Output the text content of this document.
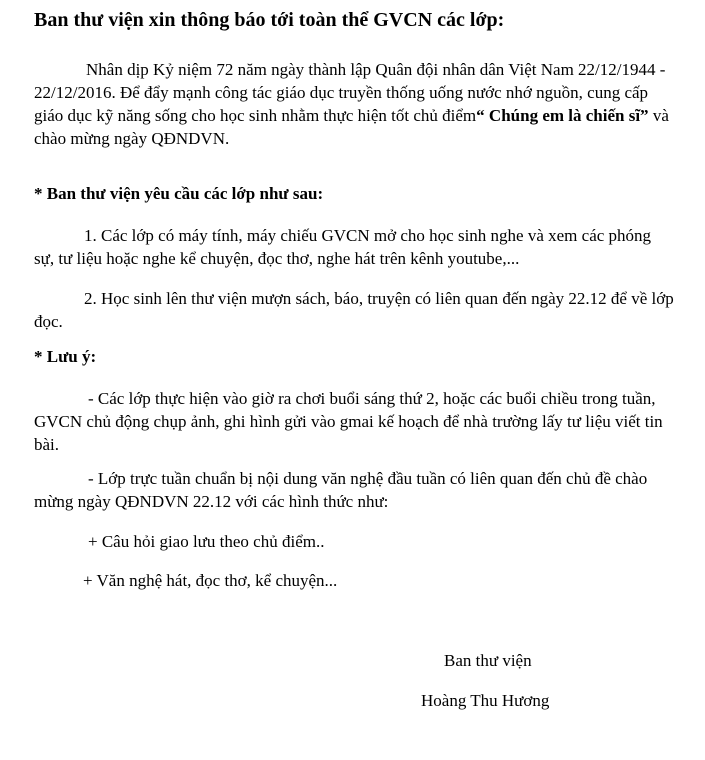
Ban thư viện xin thông báo tới toàn thể GVCN các lớp:
Nhân dịp Kỷ niệm 72 năm ngày thành lập Quân đội nhân dân Việt Nam 22/12/1944 - 22/12/2016. Để đẩy mạnh công tác giáo dục truyền thống uống nước nhớ nguồn, cung cấp giáo dục kỹ năng sống cho học sinh nhằm thực hiện tốt chủ điểm“ Chúng em là chiến sĩ” và chào mừng ngày QĐNDVN.
* Ban thư viện yêu cầu các lớp như sau:
1. Các lớp có máy tính, máy chiếu GVCN mở cho học sinh nghe và xem các phóng sự, tư liệu hoặc nghe kể chuyện, đọc thơ, nghe hát trên kênh youtube,...
2. Học sinh lên thư viện mượn sách, báo, truyện có liên quan đến ngày 22.12 để về lớp đọc.
* Lưu ý:
- Các lớp thực hiện vào giờ ra chơi buổi sáng thứ 2, hoặc các buổi chiều trong tuần, GVCN chủ động chụp ảnh, ghi hình gửi vào gmai kế hoạch để nhà trường lấy tư liệu viết tin bài.
- Lớp trực tuần chuẩn bị nội dung văn nghệ đầu tuần có liên quan đến chủ đề chào mừng ngày QĐNDVN 22.12 với các hình thức như:
+ Câu hỏi giao lưu theo chủ điểm..
+ Văn nghệ hát, đọc thơ, kể chuyện...
Ban thư viện
Hoàng Thu Hương
